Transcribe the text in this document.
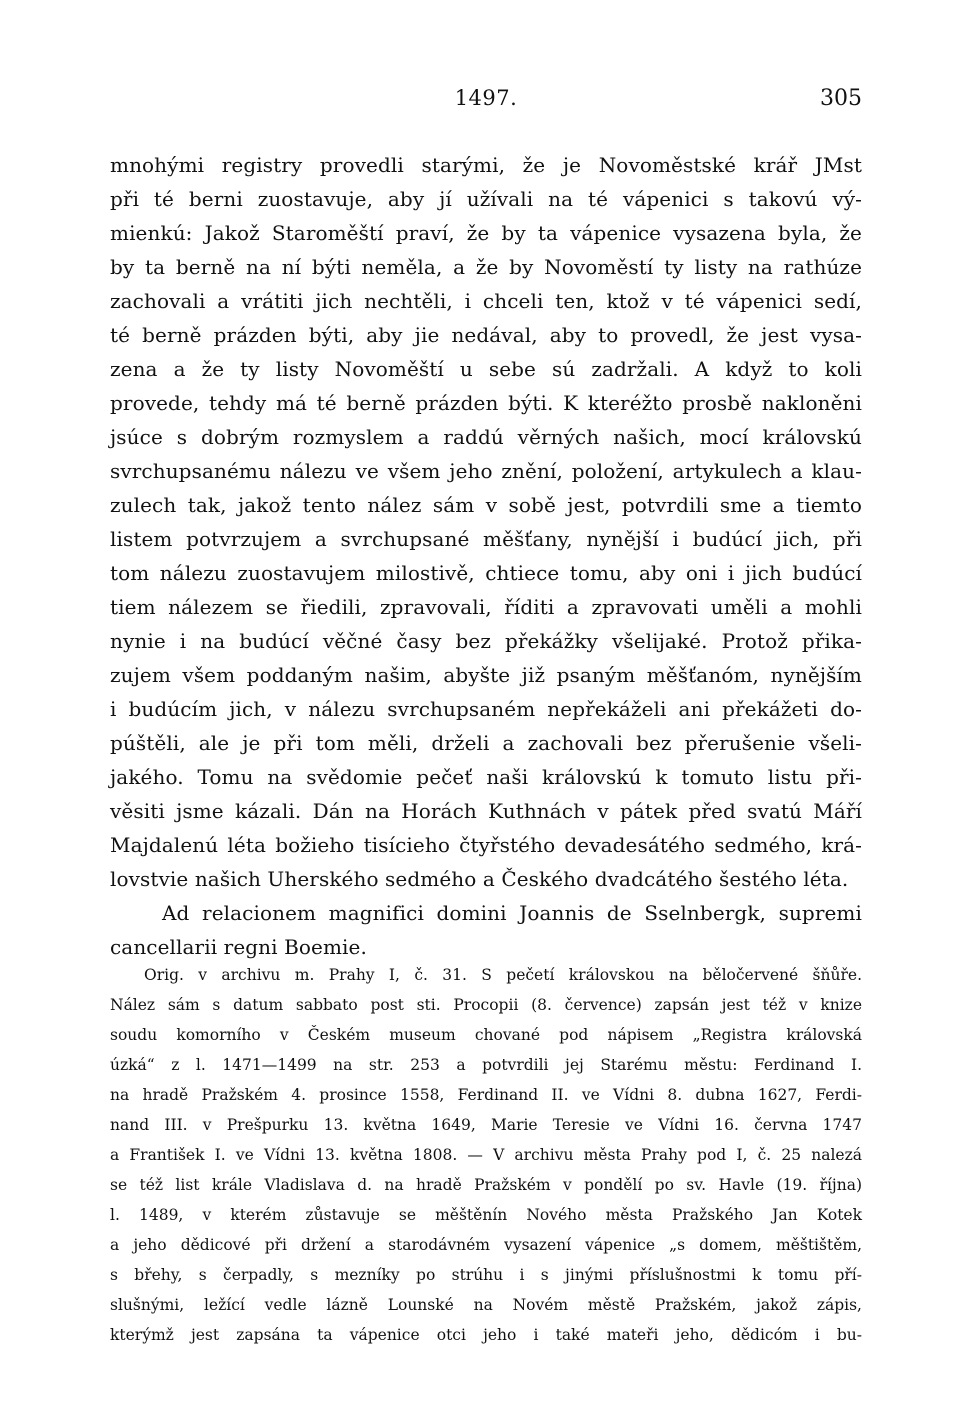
1497.	305
mnohými registry provedli starými, že je Novoměstské krář JMst
při té berni zuostavuje, aby jí užívali na té vápenici s takovú vý-
mienkú: Jakož Staroměští praví, že by ta vápenice vysazena byla, že
by ta berně na ní býti neměla, a že by Novoměstí ty listy na rathúze
zachovali a vrátiti jich nechtěli, i chceli ten, ktož v té vápenici sedí,
té berně prázden býti, aby jie nedával, aby to provedl, že jest vysa-
zena a že ty listy Novoměští u sebe sú zadržali. A když to koli
provede, tehdy má té berně prázden býti. K kteréžto prosbě nakloněni
jsúce s dobrým rozmyslem a raddú věrných našich, mocí královskú
svrchupsanému nálezu ve všem jeho znění, položení, artykulech a klau-
zulech tak, jakož tento nález sám v sobě jest, potvrdili sme a tiemto
listem potvrzujem a svrchupsané měšťany, nynější i budúcí jich, při
tom nálezu zuostavujem milostivě, chtiece tomu, aby oni i jich budúcí
tiem nálezem se řiedili, zpravovali, říditi a zpravovati uměli a mohli
nynie i na budúcí věčné časy bez překážky všelijaké. Protož přika-
zujem všem poddaným našim, abyšte již psaným měšťanóm, nynějším
i budúcím jich, v nálezu svrchupsaném nepřekáželi ani překážeti do-
púštěli, ale je při tom měli, drželi a zachovali bez přerušenie všeli-
jakého. Tomu na svědomie pečeť naši královskú k tomuto listu při-
věsiti jsme kázali. Dán na Horách Kuthnách v pátek před svatú Máří
Majdalenú léta božieho tisícieho čtyřstého devadesátého sedmého, krá-
lovstvie našich Uherského sedmého a Českého dvadcátého šestého léta.
Ad relacionem magnifici domini Joannis de Sselnbergk, supremi
cancellarii regni Boemie.
Orig. v archivu m. Prahy I, č. 31. S pečetí královskou na běločervené šňůře.
Nález sám s datum sabbato post sti. Procopii (8. července) zapsán jest též v knize
soudu komorního v Českém museum chované pod nápisem „Registra královská
úzká“ z l. 1471—1499 na str. 253 a potvrdili jej Starému městu: Ferdinand I.
na hradě Pražském 4. prosince 1558, Ferdinand II. ve Vídni 8. dubna 1627, Ferdi-
nand III. v Prešpurku 13. května 1649, Marie Teresie ve Vídni 16. června 1747
a František I. ve Vídni 13. května 1808. — V archivu města Prahy pod I, č. 25 nalezá
se též list krále Vladislava d. na hradě Pražském v pondělí po sv. Havle (19. října)
l. 1489, v kterém zůstavuje se měštěnín Nového města Pražského Jan Kotek
a jeho dědicové při držení a starodávném vysazení vápenice „s domem, měštištěm,
s břehy, s čerpadly, s mezníky po strúhu i s jinými příslušnostmi k tomu pří-
slušnými, ležící vedle lázně Lounské na Novém městě Pražském, jakož zápis,
kterýmž jest zapsána ta vápenice otci jeho i také mateři jeho, dědicóm i bu-
